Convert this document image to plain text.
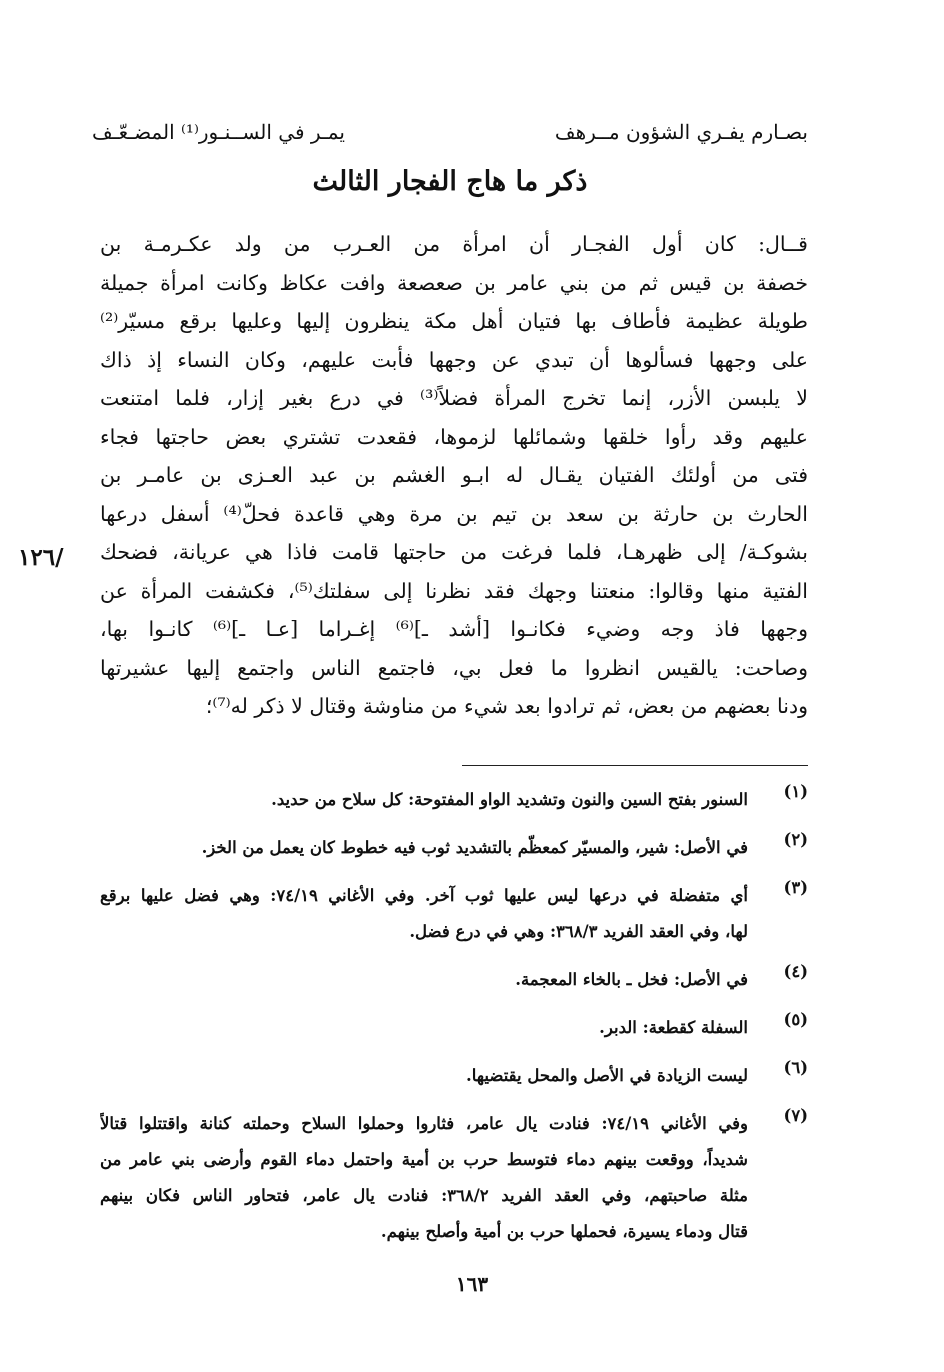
بصـارم يفـري الشؤون مــرهف
يمـر في الســنـور⁽¹⁾ المضـعّـف
ذكر ما هاج الفجار الثالث
قــال: كان أول الفجـار أن امرأة من العـرب من ولد عكـرمـة بن
خصفة بن قيس ثم من بني عامر بن صعصعة وافت عكاظ وكانت امرأة جميلة
طويلة عظيمة فأطاف بها فتيان أهل مكة ينظرون إليها وعليها برقع مسيّر⁽²⁾
على وجهها فسألوها أن تبدي عن وجهها فأبت عليهم، وكان النساء إذ ذاك
لا يلبسن الأزر، إنما تخرج المرأة فضلاً⁽³⁾ في درع بغير إزار، فلما امتنعت
عليهم وقد رأوا خلقها وشمائلها لزموها، فقعدت تشتري بعض حاجتها فجاء
فتى من أولئك الفتيان يقـال له ابـو الغشم بن عبد العـزى بن عامـر بن
الحارث بن حارثة بن سعد بن تيم بن مرة وهي قاعدة فحلّ⁽⁴⁾ أسفل درعها
بشوكـة/ إلى ظهرهـا، فلما فرغت من حاجتها قامت فاذا هي عريانة، فضحك
الفتية منها وقالوا: منعتنا وجهك فقد نظرنا إلى سفلتك⁽⁵⁾، فكشفت المرأة عن
وجهها فاذ وجه وضيء فكانـوا [أشد ـ]⁽⁶⁾ إغـراما [عـا ـ]⁽⁶⁾ كانـوا بها،
وصاحت: يالقيس انظروا ما فعل بي، فاجتمع الناس واجتمع إليها عشيرتها
ودنا بعضهم من بعض، ثم ترادوا بعد شيء من مناوشة وقتال لا ذكر له⁽⁷⁾؛
/١٢٦
(١)
السنور بفتح السين والنون وتشديد الواو المفتوحة: كل سلاح من حديد.
(٢)
في الأصل: شير، والمسيّر كمعظّم بالتشديد ثوب فيه خطوط كان يعمل من الخز.
(٣)
أي متفضلة في درعها ليس عليها ثوب آخر. وفي الأغاني ٧٤/١٩: وهي فضل عليها برقع
لها، وفي العقد الفريد ٣٦٨/٣: وهي في درع فضل.
(٤)
في الأصل: فخل ـ بالخاء المعجمة.
(٥)
السفلة كقطعة: الدبر.
(٦)
ليست الزيادة في الأصل والمحل يقتضيها.
(٧)
وفي الأغاني ٧٤/١٩: فنادت يال عامر، فثاروا وحملوا السلاح وحملته كنانة واقتتلوا قتالاً
شديداً، ووقعت بينهم دماء فتوسط حرب بن أمية واحتمل دماء القوم وأرضى بني عامر من
مثلة صاحبتهم، وفي العقد الفريد ٣٦٨/٢: فنادت يال عامر، فتحاور الناس فكان بينهم
قتال ودماء يسيرة، فحملها حرب بن أمية وأصلح بينهم.
١٦٣
